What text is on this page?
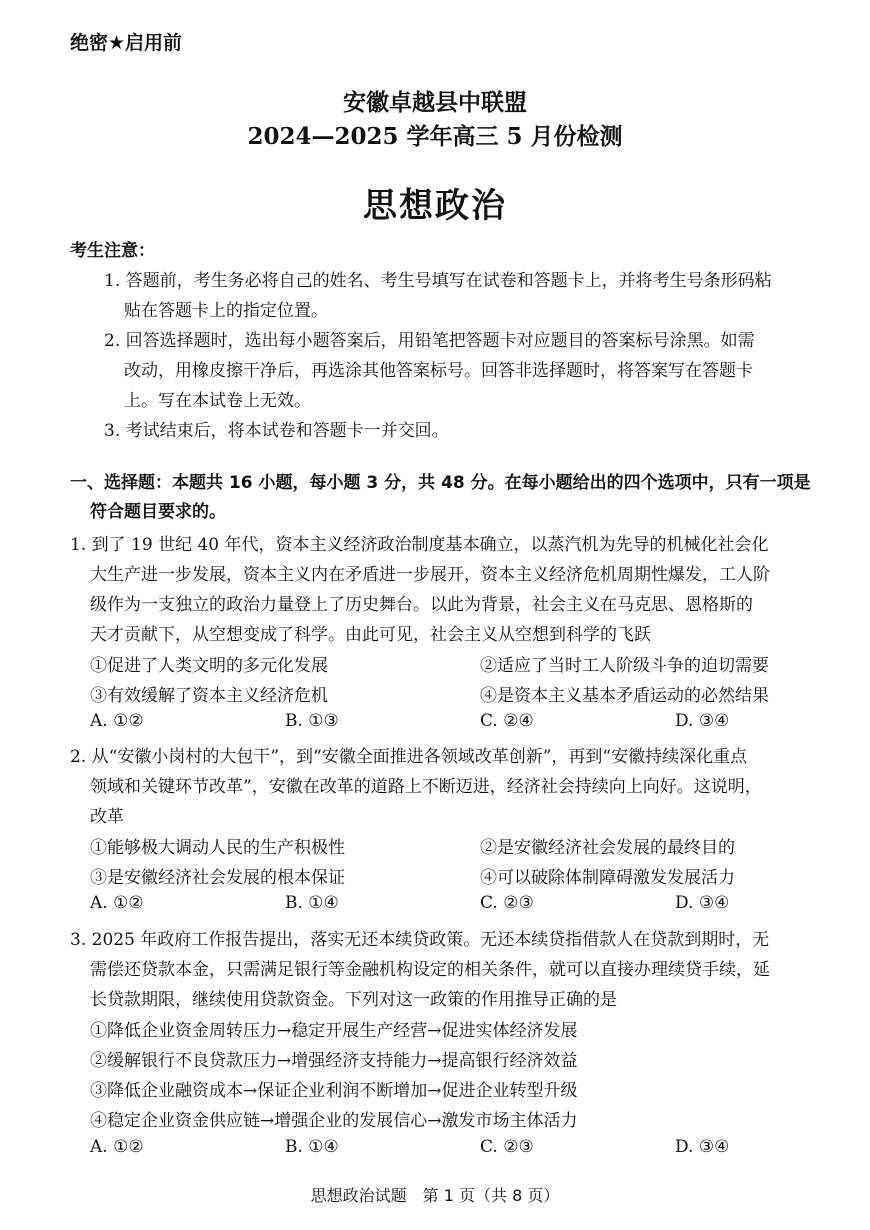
绝密★启用前
安徽卓越县中联盟
2024—2025 学年高三 5 月份检测
思想政治
考生注意：
1. 答题前，考生务必将自己的姓名、考生号填写在试卷和答题卡上，并将考生号条形码粘
贴在答题卡上的指定位置。
2. 回答选择题时，选出每小题答案后，用铅笔把答题卡对应题目的答案标号涂黑。如需
改动，用橡皮擦干净后，再选涂其他答案标号。回答非选择题时，将答案写在答题卡
上。写在本试卷上无效。
3. 考试结束后，将本试卷和答题卡一并交回。
一、选择题：本题共 16 小题，每小题 3 分，共 48 分。在每小题给出的四个选项中，只有一项是
符合题目要求的。
1. 到了 19 世纪 40 年代，资本主义经济政治制度基本确立，以蒸汽机为先导的机械化社会化
大生产进一步发展，资本主义内在矛盾进一步展开，资本主义经济危机周期性爆发，工人阶
级作为一支独立的政治力量登上了历史舞台。以此为背景，社会主义在马克思、恩格斯的
天才贡献下，从空想变成了科学。由此可见，社会主义从空想到科学的飞跃
①促进了人类文明的多元化发展	②适应了当时工人阶级斗争的迫切需要
③有效缓解了资本主义经济危机	④是资本主义基本矛盾运动的必然结果
A. ①②	B. ①③	C. ②④	D. ③④
2. 从“安徽小岗村的大包干”，到“安徽全面推进各领域改革创新”，再到“安徽持续深化重点
领域和关键环节改革”，安徽在改革的道路上不断迈进，经济社会持续向上向好。这说明，
改革
①能够极大调动人民的生产积极性	②是安徽经济社会发展的最终目的
③是安徽经济社会发展的根本保证	④可以破除体制障碍激发发展活力
A. ①②	B. ①④	C. ②③	D. ③④
3. 2025 年政府工作报告提出，落实无还本续贷政策。无还本续贷指借款人在贷款到期时，无
需偿还贷款本金，只需满足银行等金融机构设定的相关条件，就可以直接办理续贷手续，延
长贷款期限，继续使用贷款资金。下列对这一政策的作用推导正确的是
①降低企业资金周转压力→稳定开展生产经营→促进实体经济发展
②缓解银行不良贷款压力→增强经济支持能力→提高银行经济效益
③降低企业融资成本→保证企业利润不断增加→促进企业转型升级
④稳定企业资金供应链→增强企业的发展信心→激发市场主体活力
A. ①②	B. ①④	C. ②③	D. ③④
思想政治试题　第 1 页（共 8 页）
